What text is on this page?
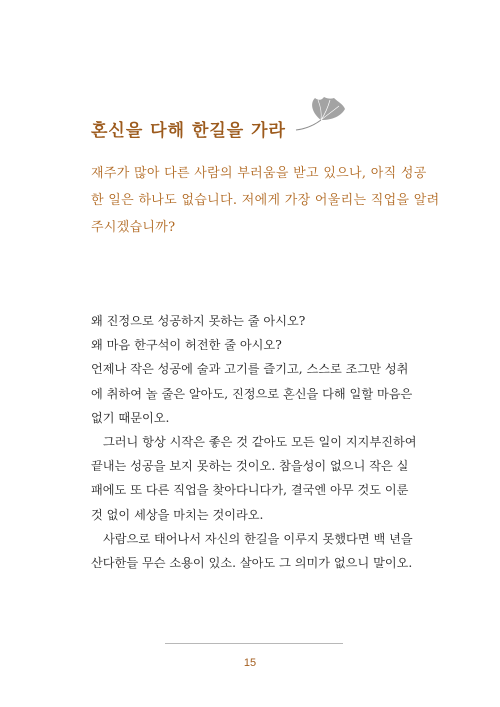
혼신을 다해 한길을 가라

재주가 많아 다른 사람의 부러움을 받고 있으나, 아직 성공

한 일은 하나도 없습니다. 저에게 가장 어울리는 직업을 알려

주시겠습니까?

왜 진정으로 성공하지 못하는 줄 아시오?

왜 마음 한구석이 허전한 줄 아시오?

언제나 작은 성공에 술과 고기를 즐기고, 스스로 조그만 성취
에 취하여 놀 줄은 알아도, 진정으로 혼신을 다해 일할 마음은
없기 때문이오.

그러니 항상 시작은 좋은 것 같아도 모든 일이 지지부진하여
끝내는 성공을 보지 못하는 것이오. 참을성이 없으니 작은 실
패에도 또 다른 직업을 찾아다니다가, 결국엔 아무 것도 이룬
것 없이 세상을 마치는 것이라오.

사람으로 태어나서 자신의 한길을 이루지 못했다면 백 년을
산다한들 무슨 소용이 있소. 살아도 그 의미가 없으니 말이오.

15
